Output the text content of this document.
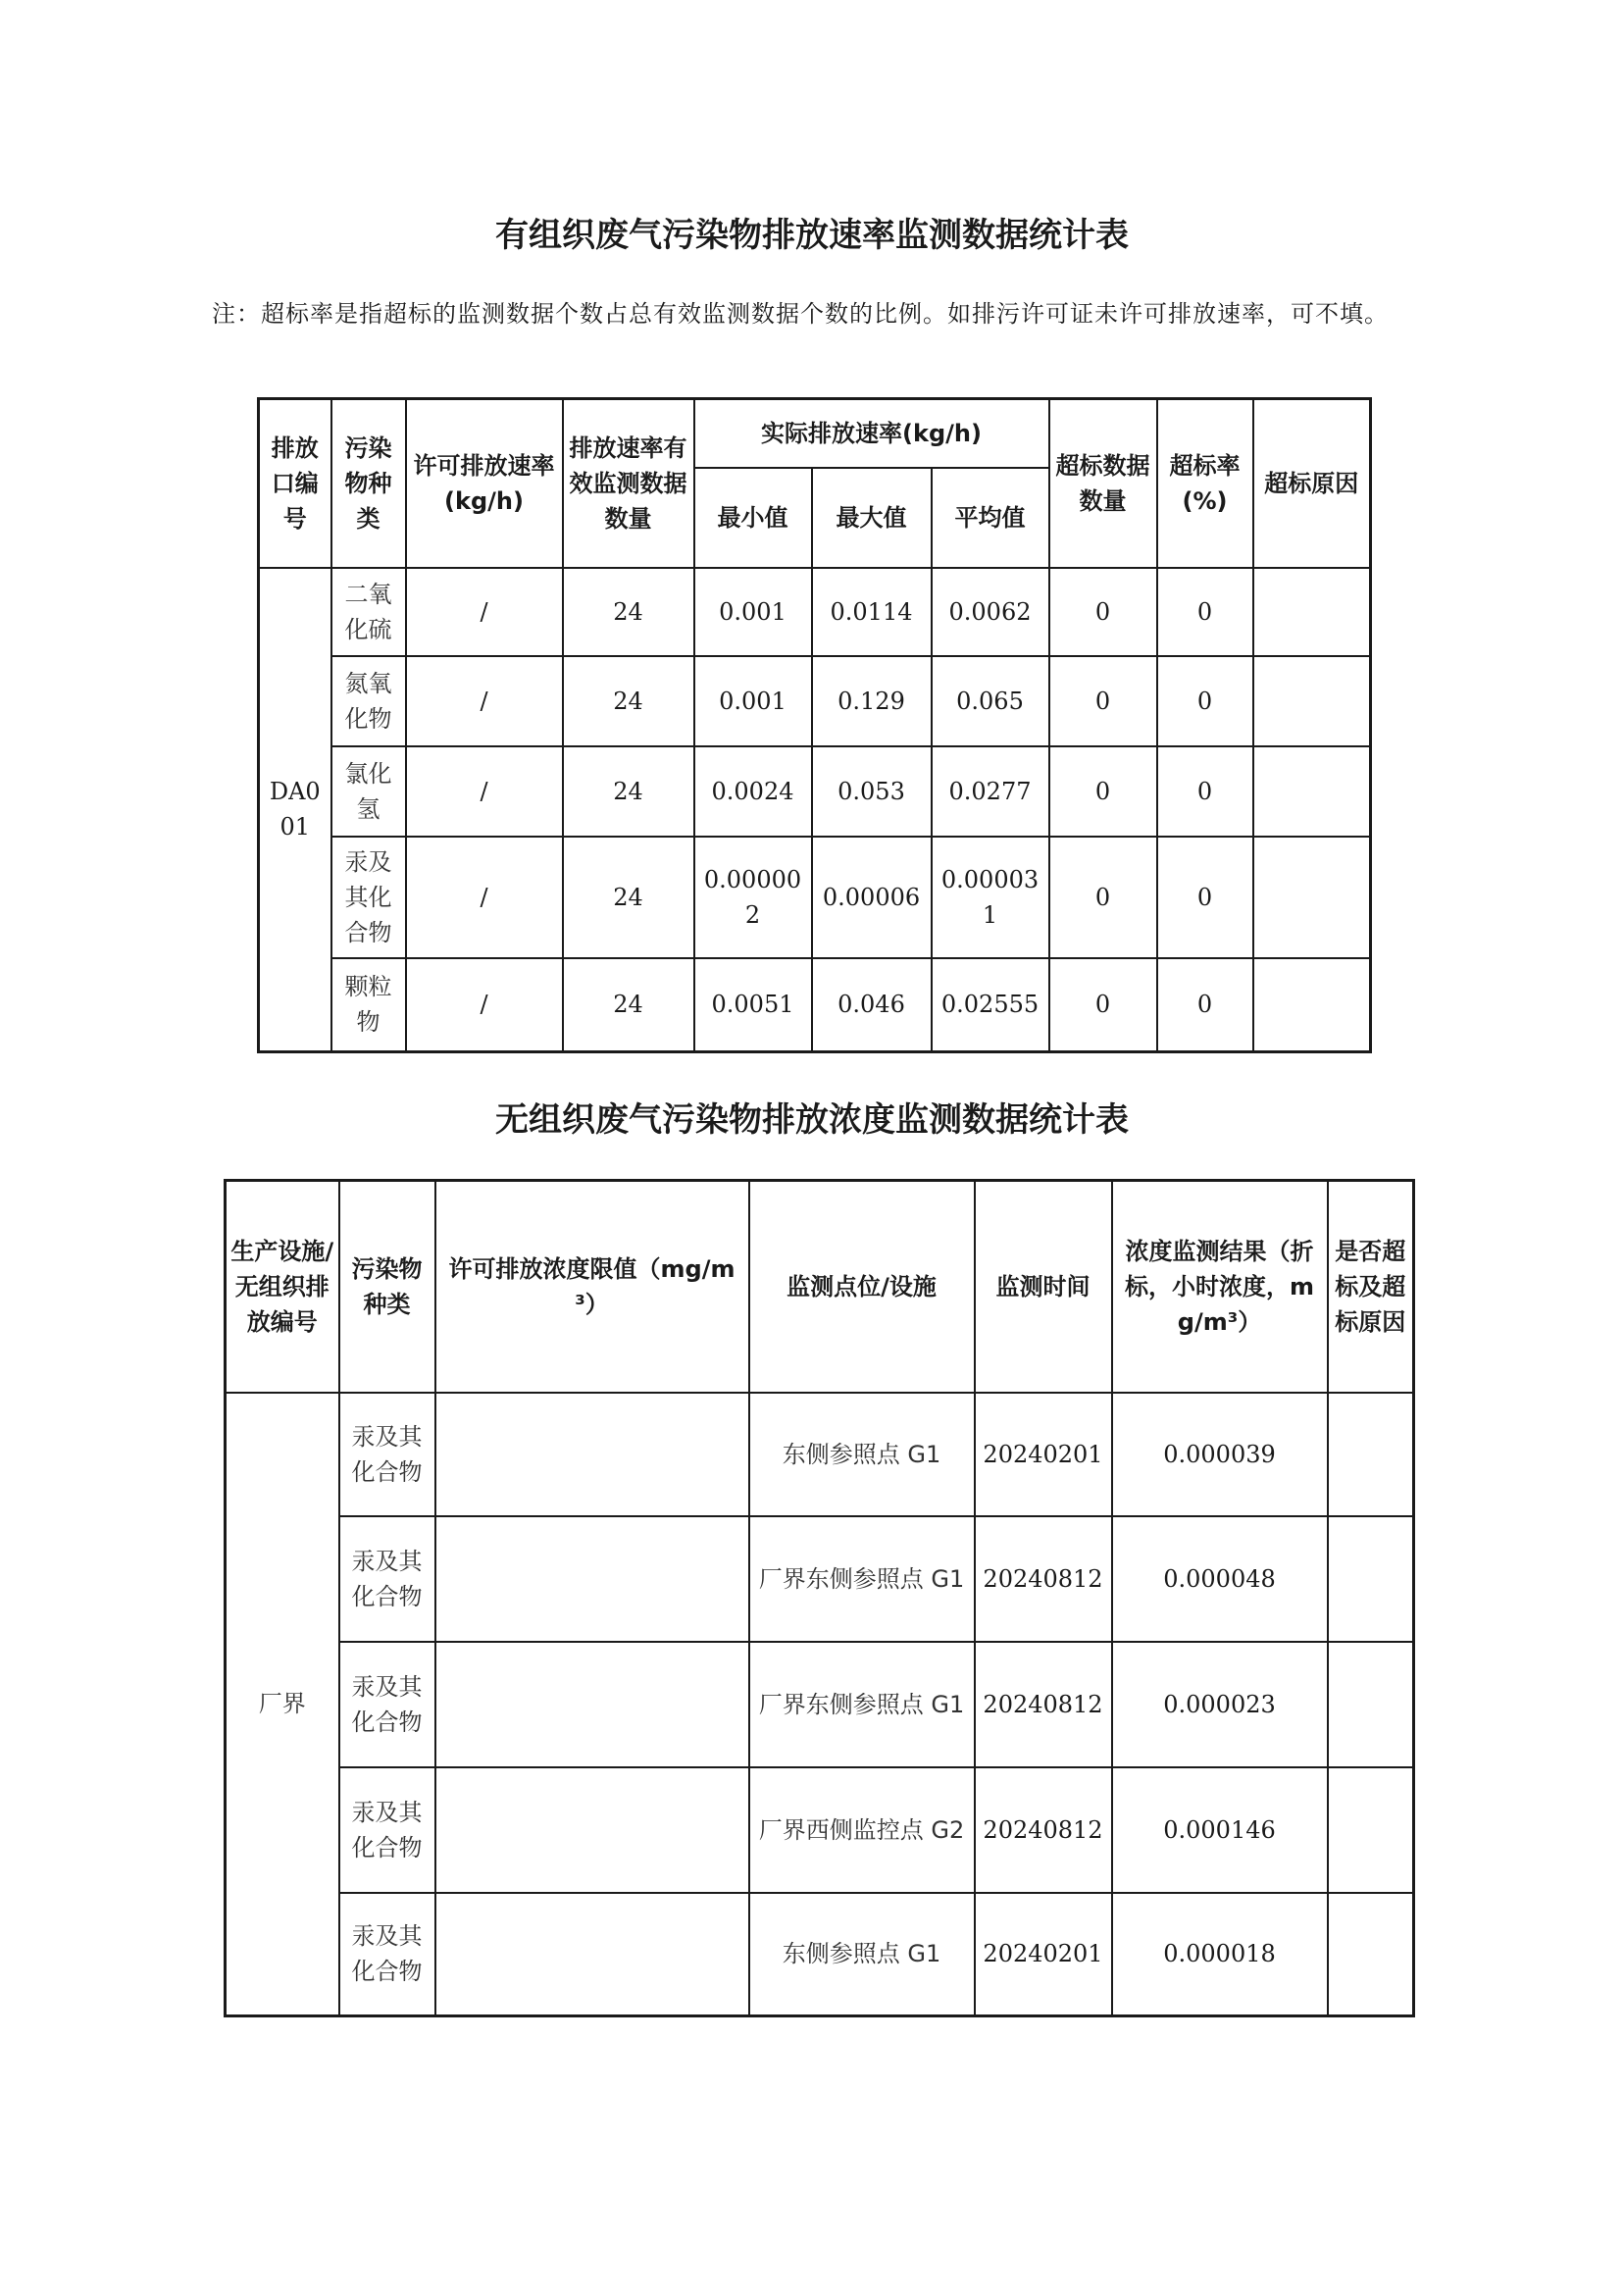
有组织废气污染物排放速率监测数据统计表
注：超标率是指超标的监测数据个数占总有效监测数据个数的比例。如排污许可证未许可排放速率，可不填。
排放口编号	污染物种类	许可排放速率(kg/h)	排放速率有效监测数据数量	实际排放速率(kg/h)			超标数据数量	超标率(%)	超标原因
				最小值	最大值	平均值			
DA001	二氧化硫	/	24	0.001	0.0114	0.0062	0	0	
	氮氧化物	/	24	0.001	0.129	0.065	0	0	
	氯化氢	/	24	0.0024	0.053	0.0277	0	0	
	汞及其化合物	/	24	0.000002	0.00006	0.000031	0	0	
	颗粒物	/	24	0.0051	0.046	0.02555	0	0	
无组织废气污染物排放浓度监测数据统计表
生产设施/无组织排放编号	污染物种类	许可排放浓度限值（mg/m³）	监测点位/设施	监测时间	浓度监测结果（折标，小时浓度，mg/m³）	是否超标及超标原因
厂界	汞及其化合物		东侧参照点 G1	20240201	0.000039	
	汞及其化合物		厂界东侧参照点 G1	20240812	0.000048	
	汞及其化合物		厂界东侧参照点 G1	20240812	0.000023	
	汞及其化合物		厂界西侧监控点 G2	20240812	0.000146	
	汞及其化合物		东侧参照点 G1	20240201	0.000018	
